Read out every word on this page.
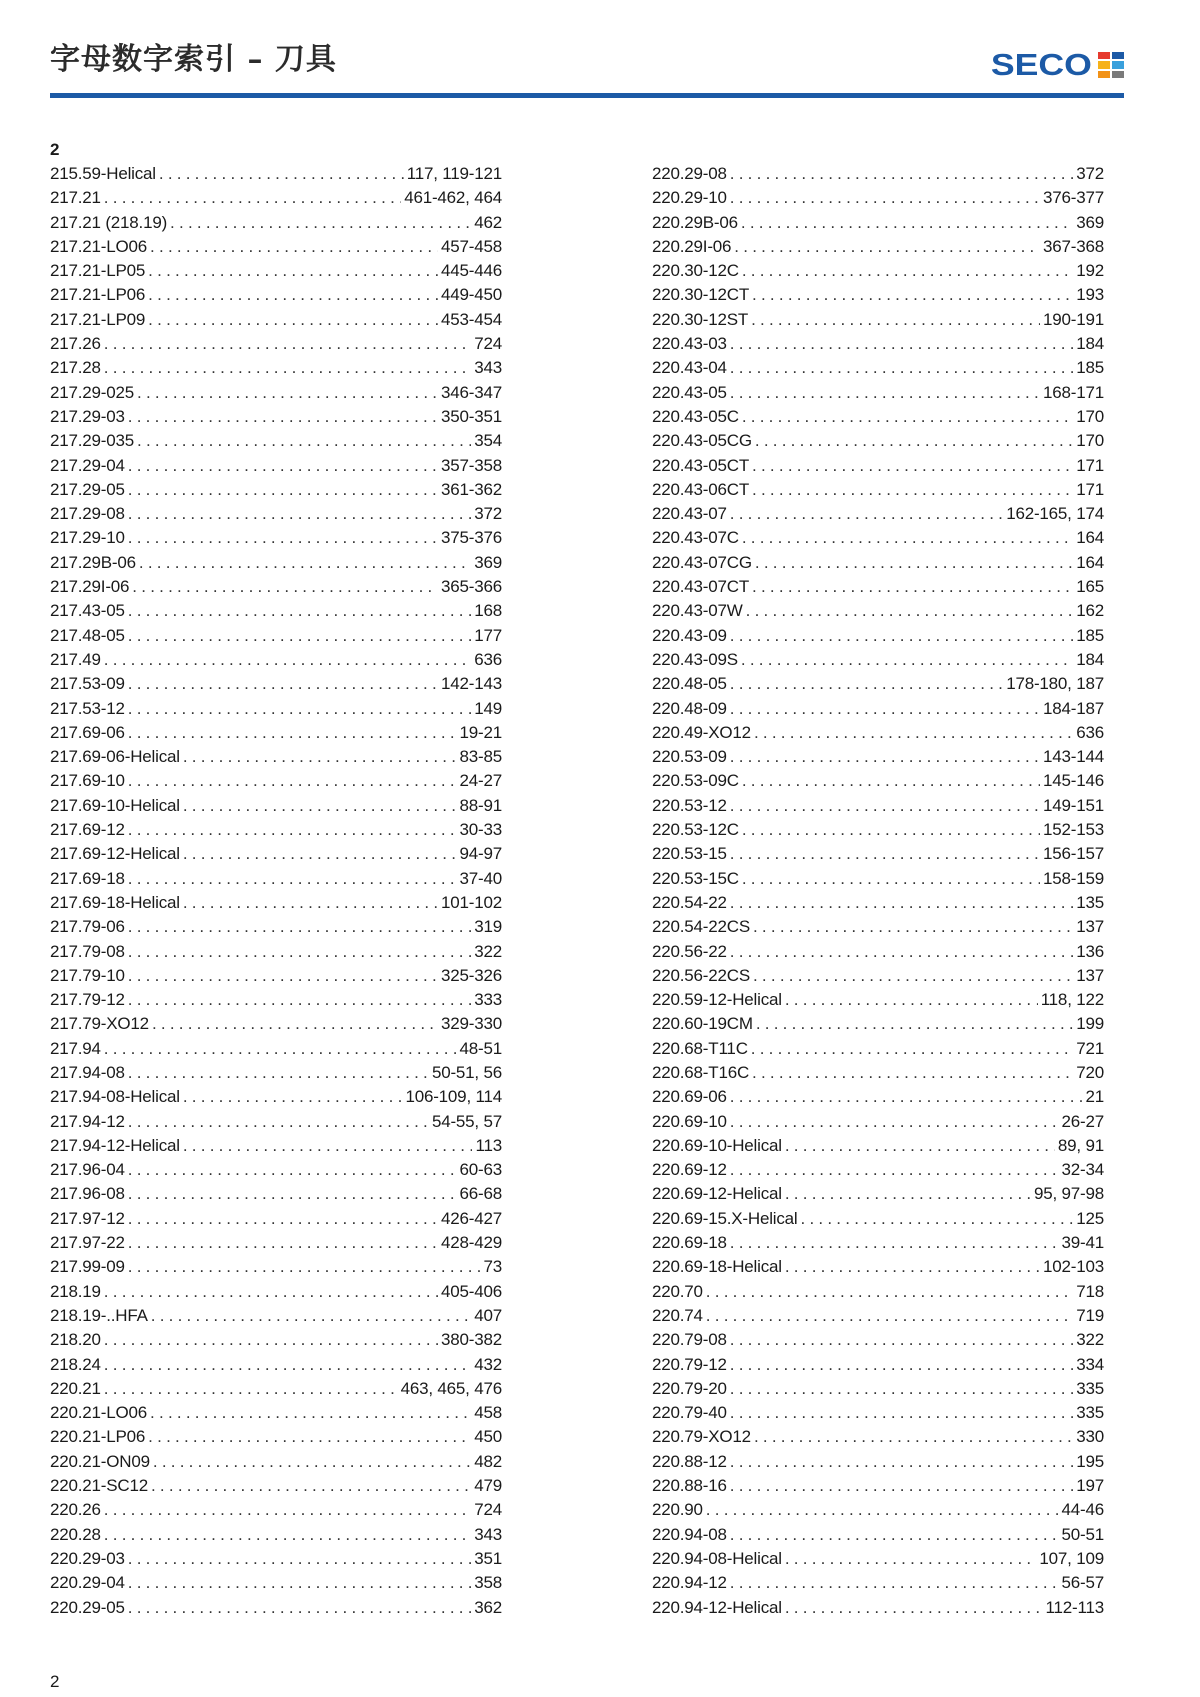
字母数字索引 – 刀具	SECO
2
215.59-Helical . . .	117, 119-121
217.21 . . .	461-462, 464
217.21 (218.19) . . .	462
217.21-LO06 . . .	457-458
217.21-LP05 . . .	445-446
217.21-LP06 . . .	449-450
217.21-LP09 . . .	453-454
217.26 . . .	724
217.28 . . .	343
217.29-025 . . .	346-347
217.29-03 . . .	350-351
217.29-035 . . .	354
217.29-04 . . .	357-358
217.29-05 . . .	361-362
217.29-08 . . .	372
217.29-10 . . .	375-376
217.29B-06 . . .	369
217.29I-06 . . .	365-366
217.43-05 . . .	168
217.48-05 . . .	177
217.49 . . .	636
217.53-09 . . .	142-143
217.53-12 . . .	149
217.69-06 . . .	19-21
217.69-06-Helical . . .	83-85
217.69-10 . . .	24-27
217.69-10-Helical . . .	88-91
217.69-12 . . .	30-33
217.69-12-Helical . . .	94-97
217.69-18 . . .	37-40
217.69-18-Helical . . .	101-102
217.79-06 . . .	319
217.79-08 . . .	322
217.79-10 . . .	325-326
217.79-12 . . .	333
217.79-XO12 . . .	329-330
217.94 . . .	48-51
217.94-08 . . .	50-51, 56
217.94-08-Helical . . .	106-109, 114
217.94-12 . . .	54-55, 57
217.94-12-Helical . . .	113
217.96-04 . . .	60-63
217.96-08 . . .	66-68
217.97-12 . . .	426-427
217.97-22 . . .	428-429
217.99-09 . . .	73
218.19 . . .	405-406
218.19-..HFA . . .	407
218.20 . . .	380-382
218.24 . . .	432
220.21 . . .	463, 465, 476
220.21-LO06 . . .	458
220.21-LP06 . . .	450
220.21-ON09 . . .	482
220.21-SC12 . . .	479
220.26 . . .	724
220.28 . . .	343
220.29-03 . . .	351
220.29-04 . . .	358
220.29-05 . . .	362
220.29-08 . . .	372
220.29-10 . . .	376-377
220.29B-06 . . .	369
220.29I-06 . . .	367-368
220.30-12C . . .	192
220.30-12CT . . .	193
220.30-12ST . . .	190-191
220.43-03 . . .	184
220.43-04 . . .	185
220.43-05 . . .	168-171
220.43-05C . . .	170
220.43-05CG . . .	170
220.43-05CT . . .	171
220.43-06CT . . .	171
220.43-07 . . .	162-165, 174
220.43-07C . . .	164
220.43-07CG . . .	164
220.43-07CT . . .	165
220.43-07W . . .	162
220.43-09 . . .	185
220.43-09S . . .	184
220.48-05 . . .	178-180, 187
220.48-09 . . .	184-187
220.49-XO12 . . .	636
220.53-09 . . .	143-144
220.53-09C . . .	145-146
220.53-12 . . .	149-151
220.53-12C . . .	152-153
220.53-15 . . .	156-157
220.53-15C . . .	158-159
220.54-22 . . .	135
220.54-22CS . . .	137
220.56-22 . . .	136
220.56-22CS . . .	137
220.59-12-Helical . . .	118, 122
220.60-19CM . . .	199
220.68-T11C . . .	721
220.68-T16C . . .	720
220.69-06 . . .	21
220.69-10 . . .	26-27
220.69-10-Helical . . .	89, 91
220.69-12 . . .	32-34
220.69-12-Helical . . .	95, 97-98
220.69-15.X-Helical . . .	125
220.69-18 . . .	39-41
220.69-18-Helical . . .	102-103
220.70 . . .	718
220.74 . . .	719
220.79-08 . . .	322
220.79-12 . . .	334
220.79-20 . . .	335
220.79-40 . . .	335
220.79-XO12 . . .	330
220.88-12 . . .	195
220.88-16 . . .	197
220.90 . . .	44-46
220.94-08 . . .	50-51
220.94-08-Helical . . .	107, 109
220.94-12 . . .	56-57
220.94-12-Helical . . .	112-113
2
